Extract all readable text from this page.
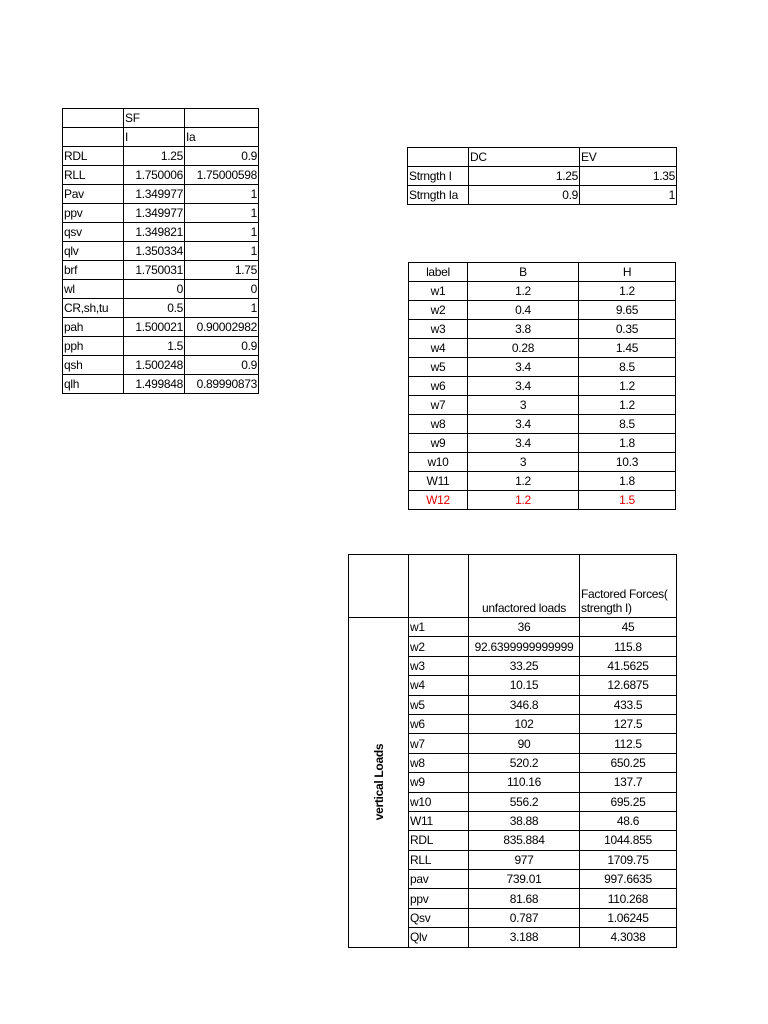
	SF	
	I	Ia
RDL	1.25	0.9
RLL	1.750006	1.75000598
Pav	1.349977	1
ppv	1.349977	1
qsv	1.349821	1
qlv	1.350334	1
brf	1.750031	1.75
wl	0	0
CR,sh,tu	0.5	1
pah	1.500021	0.90002982
pph	1.5	0.9
qsh	1.500248	0.9
qlh	1.499848	0.89990873
	DC	EV
Strngth I	1.25	1.35
Strngth Ia	0.9	1
label	B	H
w1	1.2	1.2
w2	0.4	9.65
w3	3.8	0.35
w4	0.28	1.45
w5	3.4	8.5
w6	3.4	1.2
w7	3	1.2
w8	3.4	8.5
w9	3.4	1.8
w10	3	10.3
W11	1.2	1.8
W12	1.2	1.5
		unfactored loads	Factored Forces( strength I)

vertical Loads	w1	36	45
	w2	92.6399999999999	115.8
	w3	33.25	41.5625
	w4	10.15	12.6875
	w5	346.8	433.5
	w6	102	127.5
	w7	90	112.5
	w8	520.2	650.25
	w9	110.16	137.7
	w10	556.2	695.25
	W11	38.88	48.6
	RDL	835.884	1044.855
	RLL	977	1709.75
	pav	739.01	997.6635
	ppv	81.68	110.268
	Qsv	0.787	1.06245
	Qlv	3.188	4.3038
